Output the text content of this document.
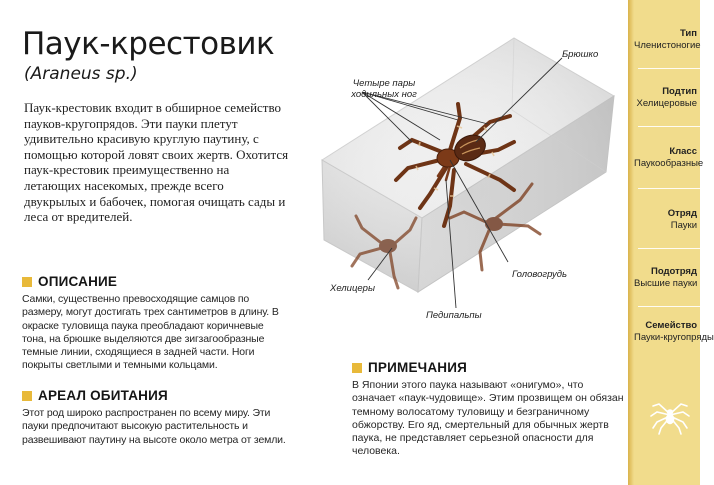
Паук-крестовик
(Araneus sp.)
Паук-крестовик входит в обширное семейство пауков-кругопрядов. Эти пауки плетут удивительно красивую круглую паутину, с помощью которой ловят своих жертв. Охотится паук-крестовик преимущественно на летающих насекомых, прежде всего двукрылых и бабочек, помогая очищать сады и леса от вредителей.
ОПИСАНИЕ
Самки, существенно превосходящие самцов по размеру, могут достигать трех сантиметров в длину. В окраске туловища паука преобладают коричневые тона, на брюшке выделяются две зигзагообразные темные линии, сходящиеся в задней части. Ноги покрыты светлыми и темными кольцами.
АРЕАЛ ОБИТАНИЯ
Этот род широко распространен по всему миру. Эти пауки предпочитают высокую растительность и развешивают паутину на высоте около метра от земли.
ПРИМЕЧАНИЯ
В Японии этого паука называют «онигумо», что означает «паук-чудовище». Этим прозвищем он обязан темному волосатому туловищу и безграничному обжорству. Его яд, смертельный для обычных жертв паука, не представляет серьезной опасности для человека.
Четыре пары ходильных ног
Брюшко
Хелицеры
Головогрудь
Педипальпы
Тип
Членистоногие
Подтип
Хелицеровые
Класс
Паукообразные
Отряд
Пауки
Подотряд
Высшие пауки
Семейство
Пауки-кругопряды
